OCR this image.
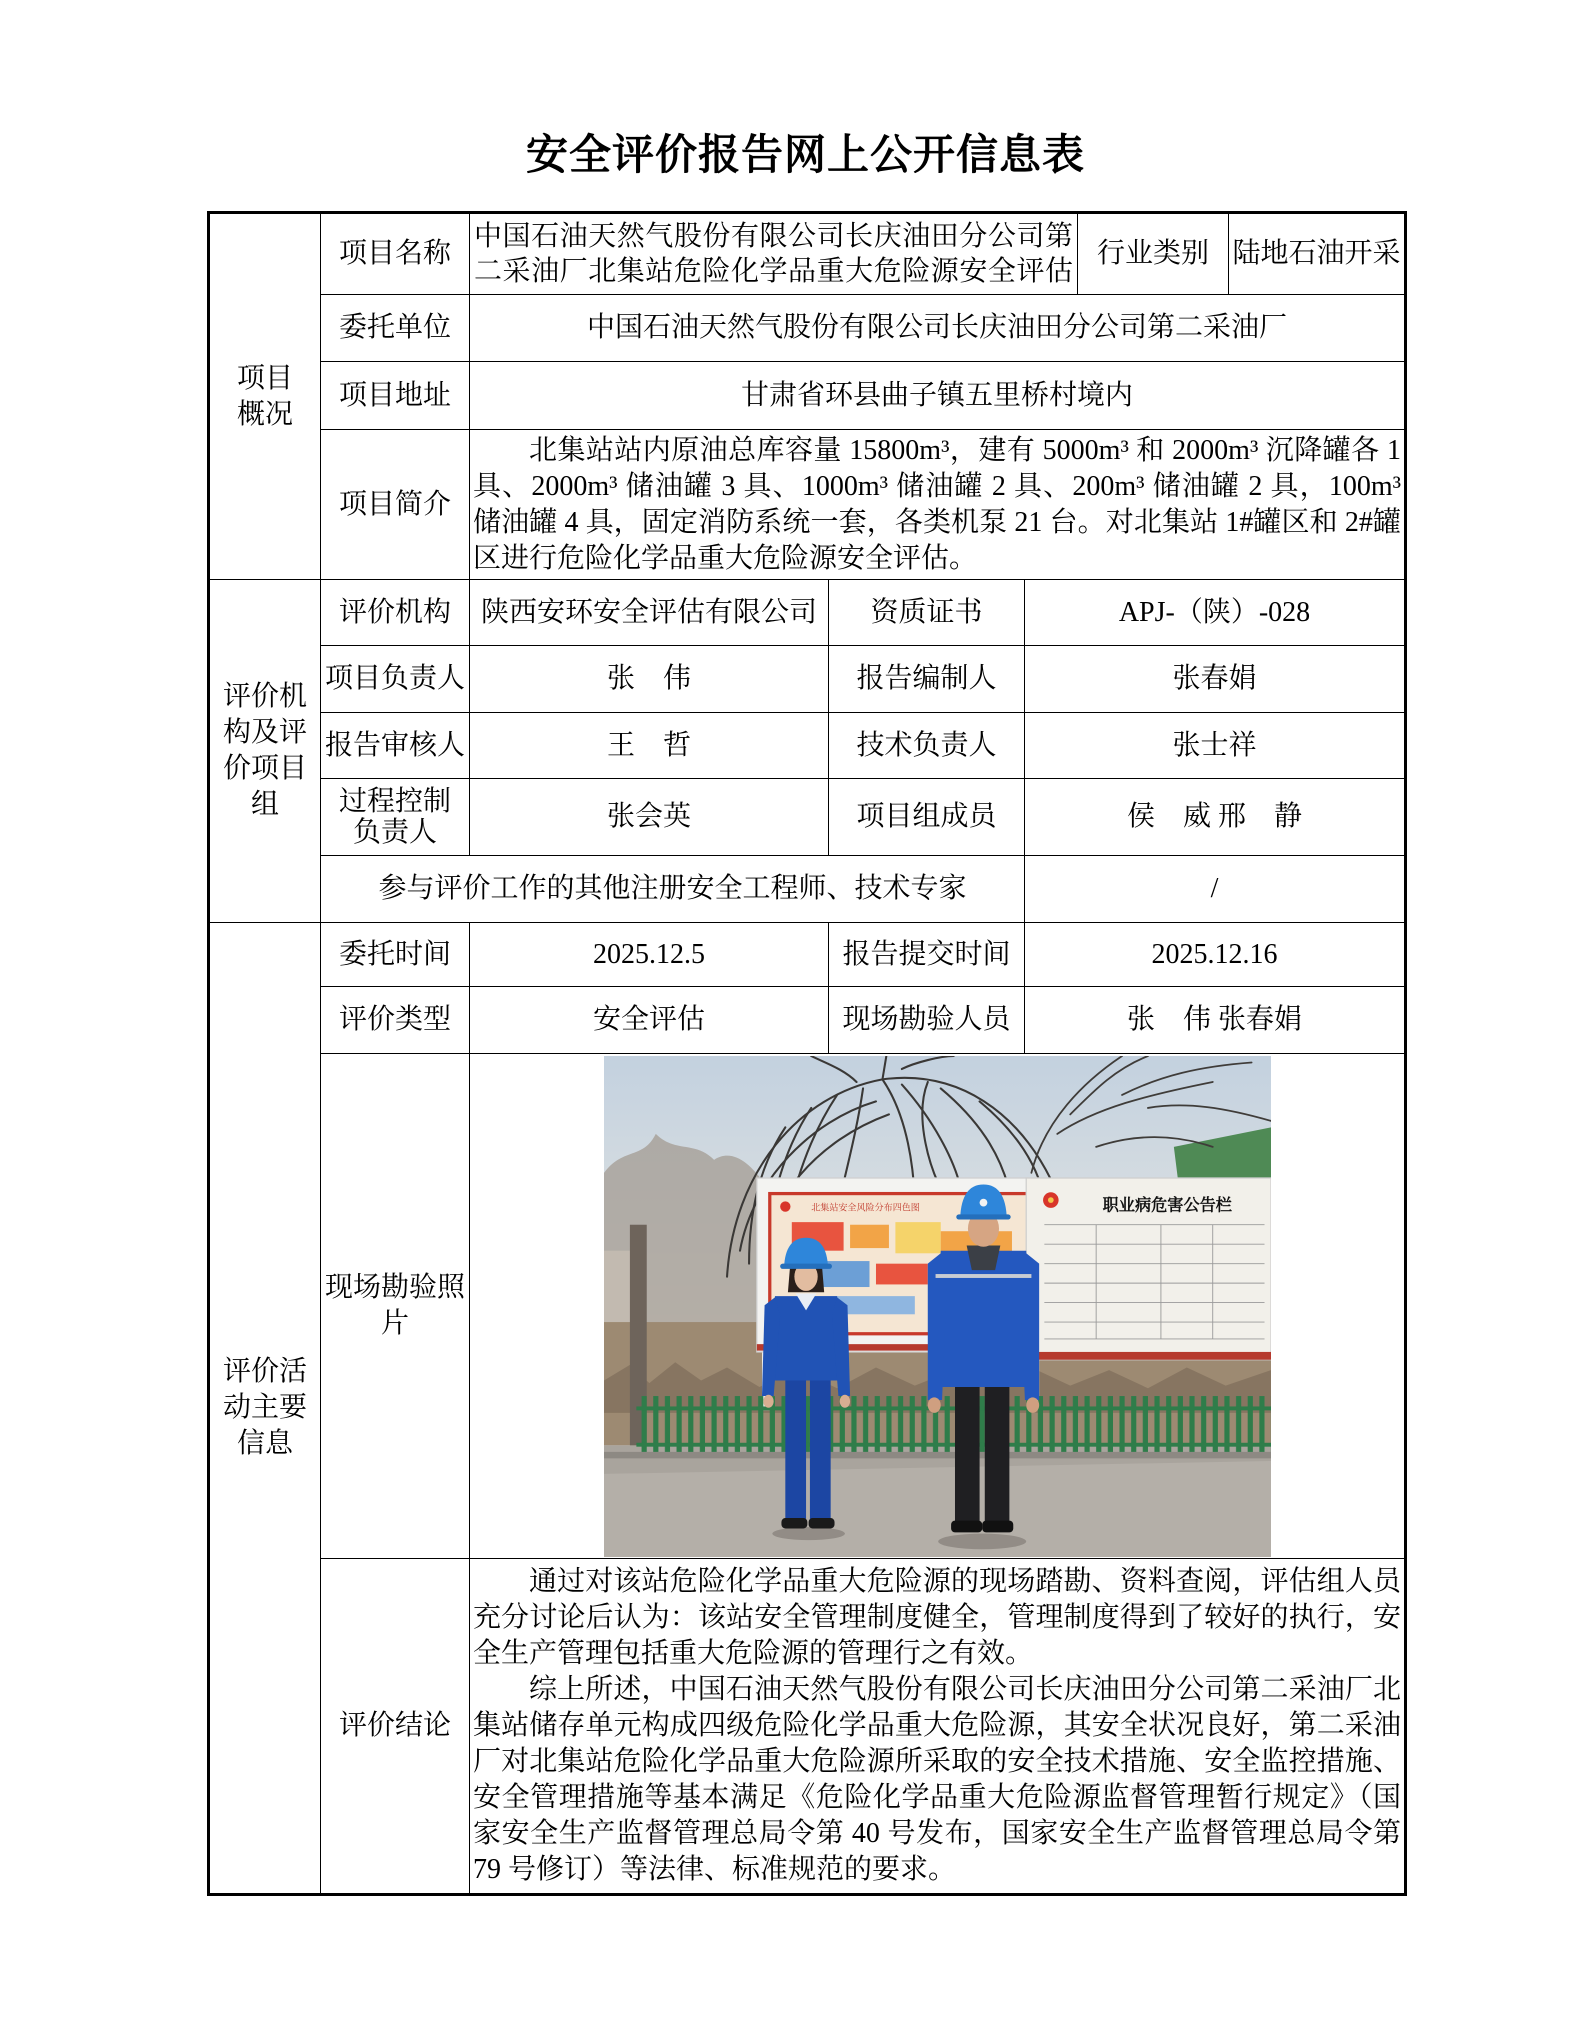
安全评价报告网上公开信息表
项目
概况	项目名称	中国石油天然气股份有限公司长庆油田分公司第二采油厂北集站危险化学品重大危险源安全评估			行业类别	陆地石油开采
	委托单位	中国石油天然气股份有限公司长庆油田分公司第二采油厂				
	项目地址	甘肃省环县曲子镇五里桥村境内				
	项目简介	北集站站内原油总库容量 15800m³，建有 5000m³ 和 2000m³ 沉降罐各 1 具、2000m³ 储油罐 3 具、1000m³ 储油罐 2 具、200m³ 储油罐 2 具，100m³ 储油罐 4 具，固定消防系统一套，各类机泵 21 台。对北集站 1#罐区和 2#罐区进行危险化学品重大危险源安全评估。				

评价机
构及评
价项目
组	评价机构	陕西安环安全评估有限公司	资质证书	APJ-（陕）-028		
	项目负责人	张　伟	报告编制人	张春娟		
	报告审核人	王　哲	技术负责人	张士祥		

	过程控制
负责人	张会英	项目组成员	侯　威 邢　静		
	参与评价工作的其他注册安全工程师、技术专家			/		

评价活
动主要
信息	委托时间	2025.12.5	报告提交时间	2025.12.16		
	评价类型	安全评估	现场勘验人员	张　伟 张春娟		

	现场勘验照
片	北集站安全风险分布四色图 职业病危害公告栏				

	评价结论	通过对该站危险化学品重大危险源的现场踏勘、资料查阅，评估组人员充分讨论后认为：该站安全管理制度健全，管理制度得到了较好的执行，安全生产管理包括重大危险源的管理行之有效。

综上所述，中国石油天然气股份有限公司长庆油田分公司第二采油厂北集站储存单元构成四级危险化学品重大危险源，其安全状况良好，第二采油厂对北集站危险化学品重大危险源所采取的安全技术措施、安全监控措施、安全管理措施等基本满足《危险化学品重大危险源监督管理暂行规定》（国家安全生产监督管理总局令第 40 号发布，国家安全生产监督管理总局令第 79 号修订）等法律、标准规范的要求。				
